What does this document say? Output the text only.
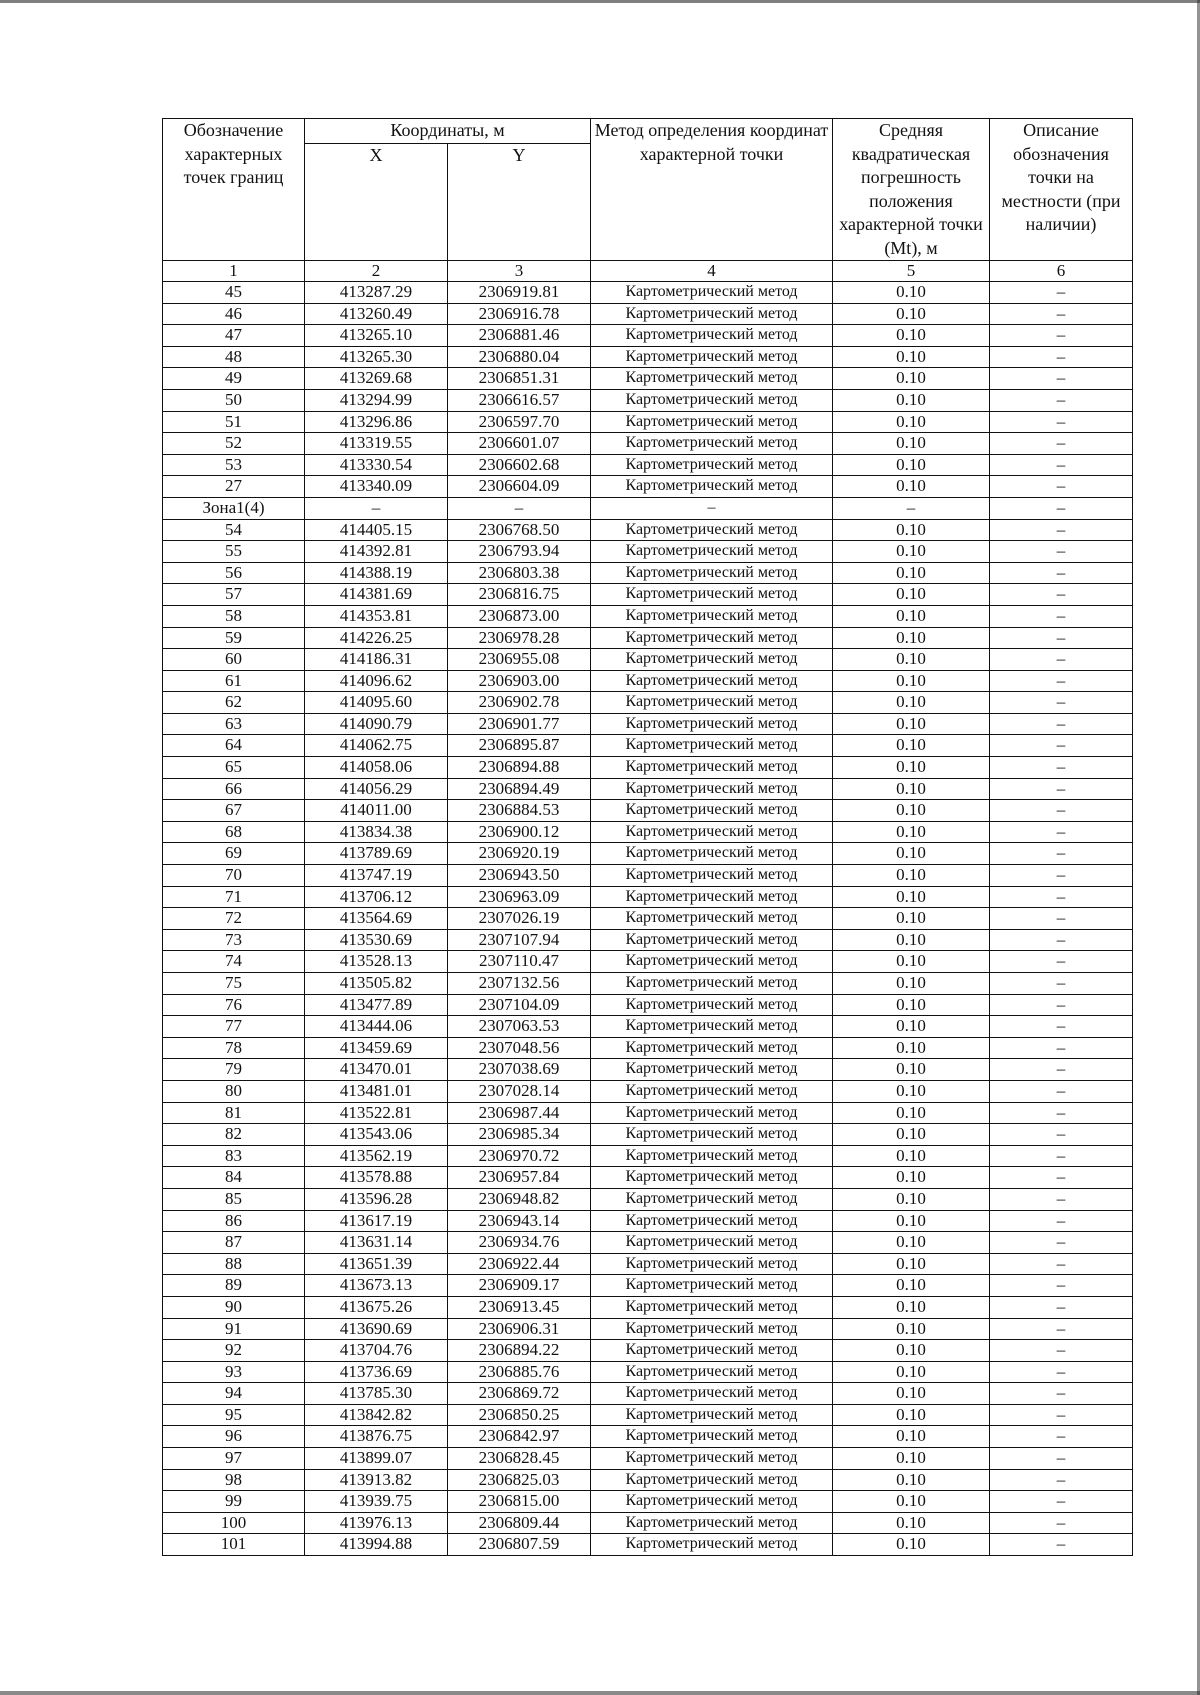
Обозначение характерных точек границ	Координаты, м		Метод определения координат характерной точки	Средняя квадратическая погрешность положения характерной точки (Mt), м	Описание обозначения точки на местности (при наличии)
	X	Y			
1	2	3	4	5	6
45	413287.29	2306919.81	Картометрический метод	0.10	–
46	413260.49	2306916.78	Картометрический метод	0.10	–
47	413265.10	2306881.46	Картометрический метод	0.10	–
48	413265.30	2306880.04	Картометрический метод	0.10	–
49	413269.68	2306851.31	Картометрический метод	0.10	–
50	413294.99	2306616.57	Картометрический метод	0.10	–
51	413296.86	2306597.70	Картометрический метод	0.10	–
52	413319.55	2306601.07	Картометрический метод	0.10	–
53	413330.54	2306602.68	Картометрический метод	0.10	–
27	413340.09	2306604.09	Картометрический метод	0.10	–
Зона1(4)	–	–	–	–	–
54	414405.15	2306768.50	Картометрический метод	0.10	–
55	414392.81	2306793.94	Картометрический метод	0.10	–
56	414388.19	2306803.38	Картометрический метод	0.10	–
57	414381.69	2306816.75	Картометрический метод	0.10	–
58	414353.81	2306873.00	Картометрический метод	0.10	–
59	414226.25	2306978.28	Картометрический метод	0.10	–
60	414186.31	2306955.08	Картометрический метод	0.10	–
61	414096.62	2306903.00	Картометрический метод	0.10	–
62	414095.60	2306902.78	Картометрический метод	0.10	–
63	414090.79	2306901.77	Картометрический метод	0.10	–
64	414062.75	2306895.87	Картометрический метод	0.10	–
65	414058.06	2306894.88	Картометрический метод	0.10	–
66	414056.29	2306894.49	Картометрический метод	0.10	–
67	414011.00	2306884.53	Картометрический метод	0.10	–
68	413834.38	2306900.12	Картометрический метод	0.10	–
69	413789.69	2306920.19	Картометрический метод	0.10	–
70	413747.19	2306943.50	Картометрический метод	0.10	–
71	413706.12	2306963.09	Картометрический метод	0.10	–
72	413564.69	2307026.19	Картометрический метод	0.10	–
73	413530.69	2307107.94	Картометрический метод	0.10	–
74	413528.13	2307110.47	Картометрический метод	0.10	–
75	413505.82	2307132.56	Картометрический метод	0.10	–
76	413477.89	2307104.09	Картометрический метод	0.10	–
77	413444.06	2307063.53	Картометрический метод	0.10	–
78	413459.69	2307048.56	Картометрический метод	0.10	–
79	413470.01	2307038.69	Картометрический метод	0.10	–
80	413481.01	2307028.14	Картометрический метод	0.10	–
81	413522.81	2306987.44	Картометрический метод	0.10	–
82	413543.06	2306985.34	Картометрический метод	0.10	–
83	413562.19	2306970.72	Картометрический метод	0.10	–
84	413578.88	2306957.84	Картометрический метод	0.10	–
85	413596.28	2306948.82	Картометрический метод	0.10	–
86	413617.19	2306943.14	Картометрический метод	0.10	–
87	413631.14	2306934.76	Картометрический метод	0.10	–
88	413651.39	2306922.44	Картометрический метод	0.10	–
89	413673.13	2306909.17	Картометрический метод	0.10	–
90	413675.26	2306913.45	Картометрический метод	0.10	–
91	413690.69	2306906.31	Картометрический метод	0.10	–
92	413704.76	2306894.22	Картометрический метод	0.10	–
93	413736.69	2306885.76	Картометрический метод	0.10	–
94	413785.30	2306869.72	Картометрический метод	0.10	–
95	413842.82	2306850.25	Картометрический метод	0.10	–
96	413876.75	2306842.97	Картометрический метод	0.10	–
97	413899.07	2306828.45	Картометрический метод	0.10	–
98	413913.82	2306825.03	Картометрический метод	0.10	–
99	413939.75	2306815.00	Картометрический метод	0.10	–
100	413976.13	2306809.44	Картометрический метод	0.10	–
101	413994.88	2306807.59	Картометрический метод	0.10	–
